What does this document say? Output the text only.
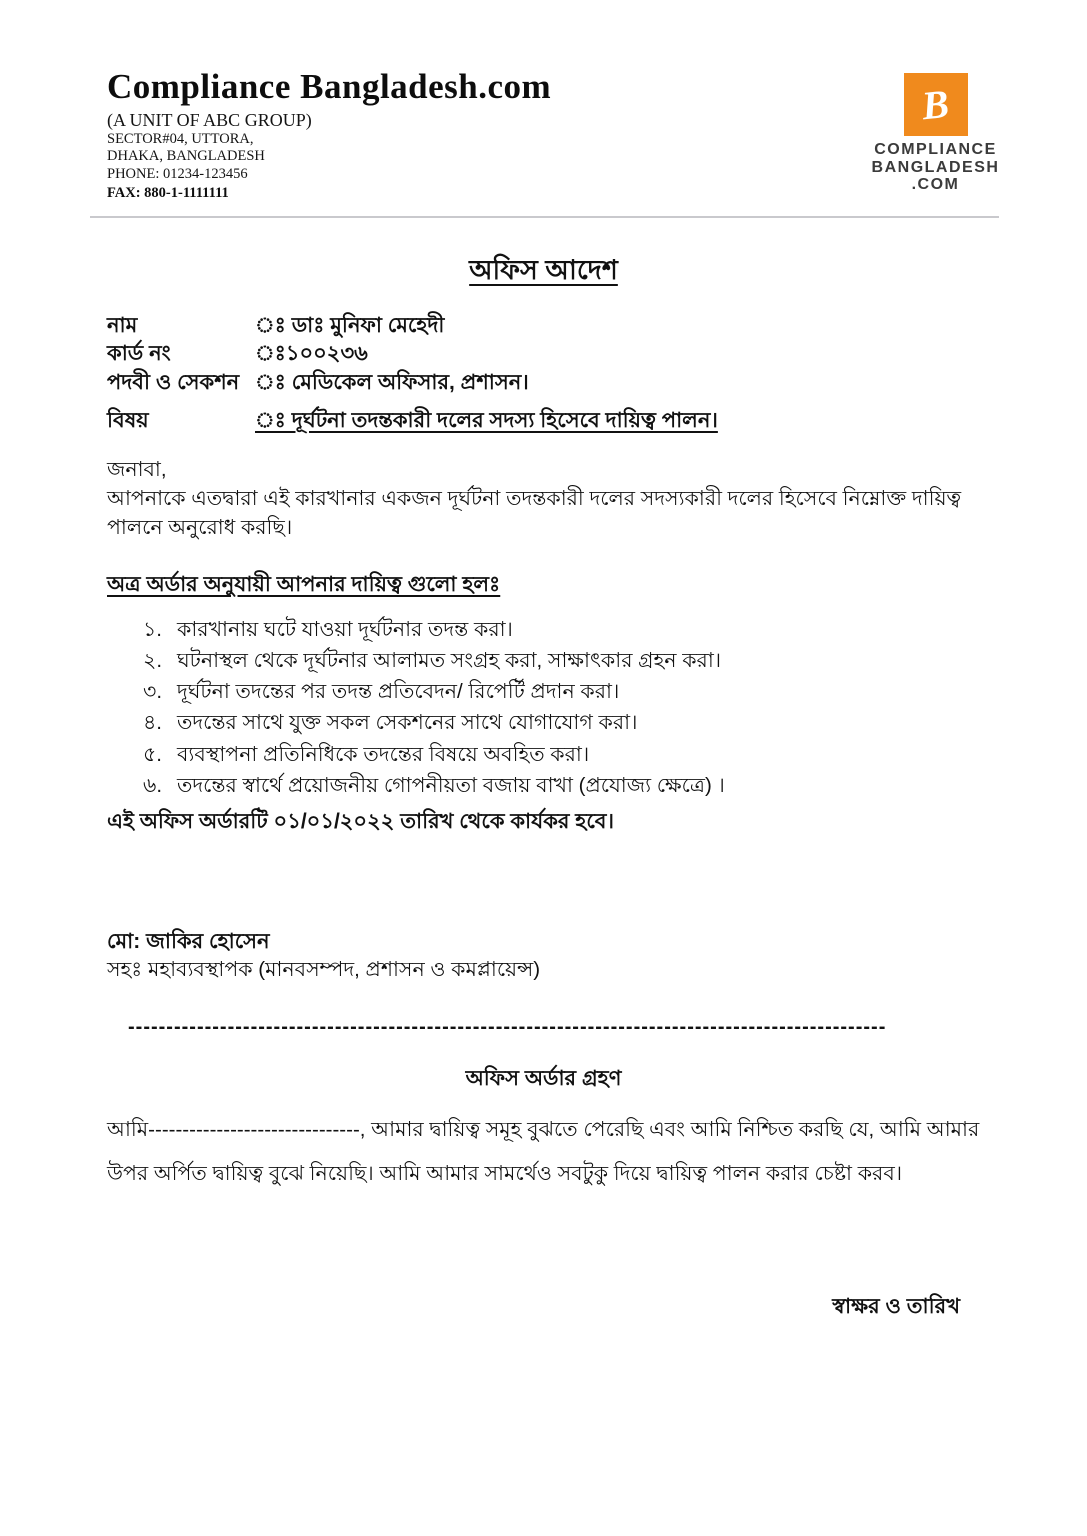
Compliance Bangladesh.com
(A UNIT OF ABC GROUP)
SECTOR#04, UTTORA,
DHAKA, BANGLADESH
PHONE: 01234-123456
FAX: 880-1-1111111
B
COMPLIANCE
BANGLADESH
.COM
অফিস আদেশ
নাম	ঃ ডাঃ মুনিফা মেহেদী
কার্ড নং	ঃ১০০২৩৬
পদবী ও সেকশন ঃ মেডিকেল অফিসার, প্রশাসন।
বিষয়	ঃ দূর্ঘটনা তদন্তকারী দলের সদস্য হিসেবে দায়িত্ব পালন।
জনাবা,
আপনাকে এতদ্বারা এই কারখানার একজন দূর্ঘটনা তদন্তকারী দলের সদস্যকারী দলের হিসেবে নিম্নোক্ত দায়িত্ব পালনে অনুরোধ করছি।
অত্র অর্ডার অনুযায়ী আপনার দায়িত্ব গুলো হলঃ
১. কারখানায় ঘটে যাওয়া দূর্ঘটনার তদন্ত করা।
২. ঘটনাস্থল থেকে দূর্ঘটনার আলামত সংগ্রহ করা, সাক্ষাৎকার গ্রহন করা।
৩. দূর্ঘটনা তদন্তের পর তদন্ত প্রতিবেদন/ রিপের্টি প্রদান করা।
৪. তদন্তের সাথে যুক্ত সকল সেকশনের সাথে যোগাযোগ করা।
৫. ব্যবস্থাপনা প্রতিনিধিকে তদন্তের বিষয়ে অবহিত করা।
৬. তদন্তের স্বার্থে প্রয়োজনীয় গোপনীয়তা বজায় বাখা (প্রযোজ্য ক্ষেত্রে) ।
এই অফিস অর্ডারটি ০১/০১/২০২২ তারিখ থেকে কার্যকর হবে।
মো: জাকির হোসেন
সহঃ মহাব্যবস্থাপক (মানবসম্পদ, প্রশাসন ও কমপ্লায়েন্স)
---------------------------------------------------------------------------------------------------
অফিস অর্ডার গ্রহণ
আমি-------------------------------, আমার দ্বায়িত্ব সমূহ বুঝতে পেরেছি এবং আমি নিশ্চিত করছি যে, আমি আমার উপর অর্পিত দ্বায়িত্ব বুঝে নিয়েছি। আমি আমার সামর্থেও সবটুকু দিয়ে দ্বায়িত্ব পালন করার চেষ্টা করব।
স্বাক্ষর ও তারিখ
